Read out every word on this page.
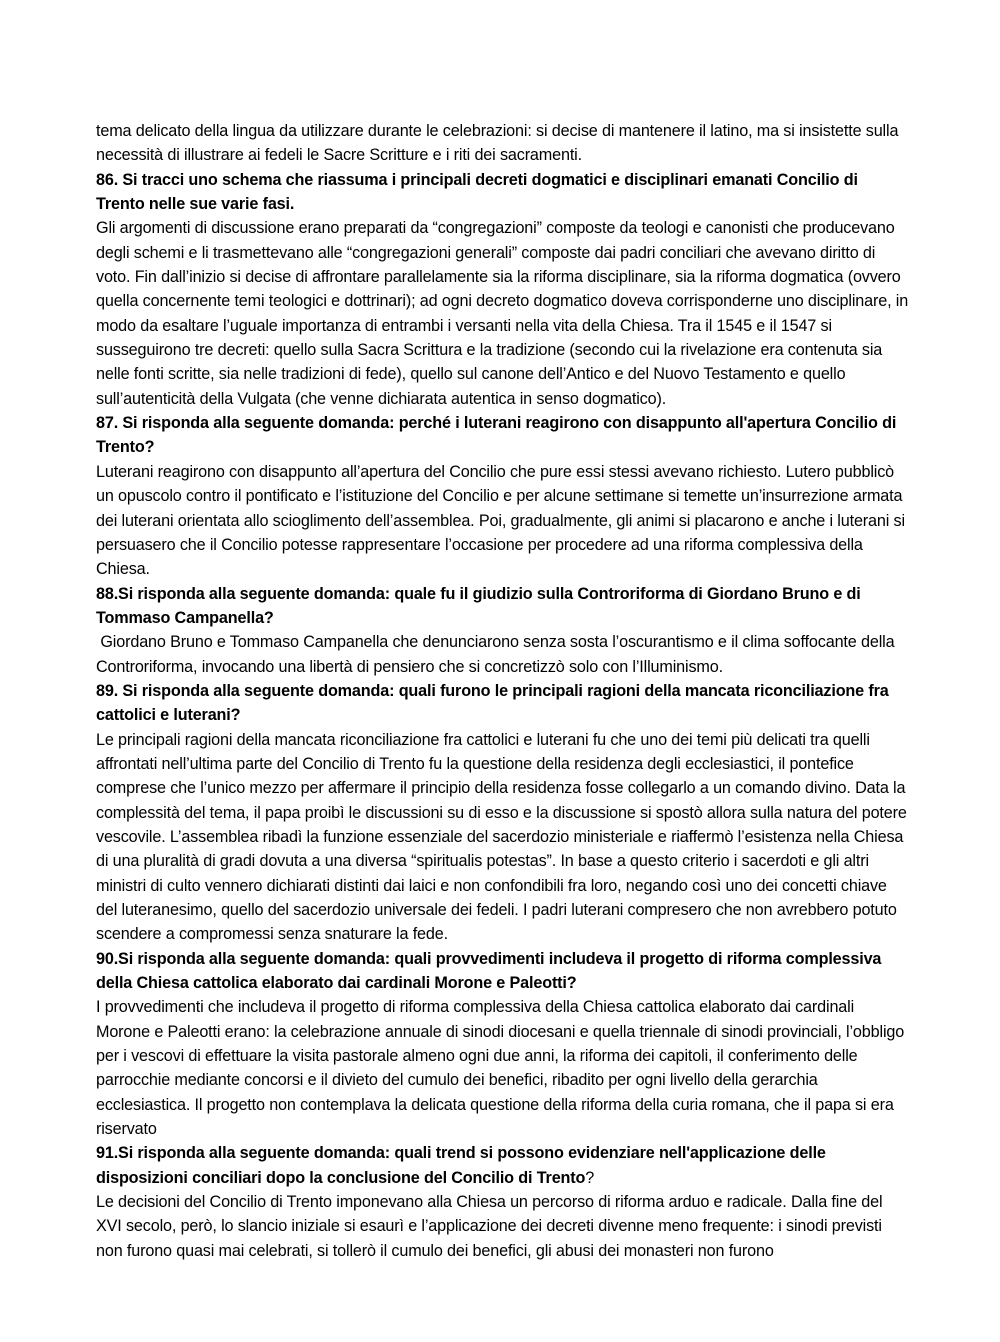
tema delicato della lingua da utilizzare durante le celebrazioni: si decise di mantenere il latino, ma si insistette sulla necessità di illustrare ai fedeli le Sacre Scritture e i riti dei sacramenti.

86. Si tracci uno schema che riassuma i principali decreti dogmatici e disciplinari emanati Concilio di Trento nelle sue varie fasi.

Gli argomenti di discussione erano preparati da “congregazioni” composte da teologi e canonisti che producevano degli schemi e li trasmettevano alle “congregazioni generali” composte dai padri conciliari che avevano diritto di voto. Fin dall’inizio si decise di affrontare parallelamente sia la riforma disciplinare, sia la riforma dogmatica (ovvero quella concernente temi teologici e dottrinari); ad ogni decreto dogmatico doveva corrisponderne uno disciplinare, in modo da esaltare l’uguale importanza di entrambi i versanti nella vita della Chiesa. Tra il 1545 e il 1547 si susseguirono tre decreti: quello sulla Sacra Scrittura e la tradizione (secondo cui la rivelazione era contenuta sia nelle fonti scritte, sia nelle tradizioni di fede), quello sul canone dell’Antico e del Nuovo Testamento e quello sull’autenticità della Vulgata (che venne dichiarata autentica in senso dogmatico).

87. Si risponda alla seguente domanda: perché i luterani reagirono con disappunto all'apertura Concilio di Trento?

Luterani reagirono con disappunto all’apertura del Concilio che pure essi stessi avevano richiesto. Lutero pubblicò un opuscolo contro il pontificato e l’istituzione del Concilio e per alcune settimane si temette un’insurrezione armata dei luterani orientata allo scioglimento dell’assemblea. Poi, gradualmente, gli animi si placarono e anche i luterani si persuasero che il Concilio potesse rappresentare l’occasione per procedere ad una riforma complessiva della Chiesa.

88.Si risponda alla seguente domanda: quale fu il giudizio sulla Controriforma di Giordano Bruno e di Tommaso Campanella?

Giordano Bruno e Tommaso Campanella che denunciarono senza sosta l’oscurantismo e il clima soffocante della Controriforma, invocando una libertà di pensiero che si concretizzò solo con l’Illuminismo.

89. Si risponda alla seguente domanda: quali furono le principali ragioni della mancata riconciliazione fra cattolici e luterani?

Le principali ragioni della mancata riconciliazione fra cattolici e luterani fu che uno dei temi più delicati tra quelli affrontati nell’ultima parte del Concilio di Trento fu la questione della residenza degli ecclesiastici, il pontefice comprese che l’unico mezzo per affermare il principio della residenza fosse collegarlo a un comando divino. Data la complessità del tema, il papa proibì le discussioni su di esso e la discussione si spostò allora sulla natura del potere vescovile. L’assemblea ribadì la funzione essenziale del sacerdozio ministeriale e riaffermò l’esistenza nella Chiesa di una pluralità di gradi dovuta a una diversa “spiritualis potestas”. In base a questo criterio i sacerdoti e gli altri ministri di culto vennero dichiarati distinti dai laici e non confondibili fra loro, negando così uno dei concetti chiave del luteranesimo, quello del sacerdozio universale dei fedeli. I padri luterani compresero che non avrebbero potuto scendere a compromessi senza snaturare la fede.

90.Si risponda alla seguente domanda: quali provvedimenti includeva il progetto di riforma complessiva della Chiesa cattolica elaborato dai cardinali Morone e Paleotti?

I provvedimenti che includeva il progetto di riforma complessiva della Chiesa cattolica elaborato dai cardinali Morone e Paleotti erano: la celebrazione annuale di sinodi diocesani e quella triennale di sinodi provinciali, l’obbligo per i vescovi di effettuare la visita pastorale almeno ogni due anni, la riforma dei capitoli, il conferimento delle parrocchie mediante concorsi e il divieto del cumulo dei benefici, ribadito per ogni livello della gerarchia ecclesiastica. Il progetto non contemplava la delicata questione della riforma della curia romana, che il papa si era riservato

91.Si risponda alla seguente domanda: quali trend si possono evidenziare nell'applicazione delle disposizioni conciliari dopo la conclusione del Concilio di Trento?

Le decisioni del Concilio di Trento imponevano alla Chiesa un percorso di riforma arduo e radicale. Dalla fine del XVI secolo, però, lo slancio iniziale si esaurì e l’applicazione dei decreti divenne meno frequente: i sinodi previsti non furono quasi mai celebrati, si tollerò il cumulo dei benefici, gli abusi dei monasteri non furono
